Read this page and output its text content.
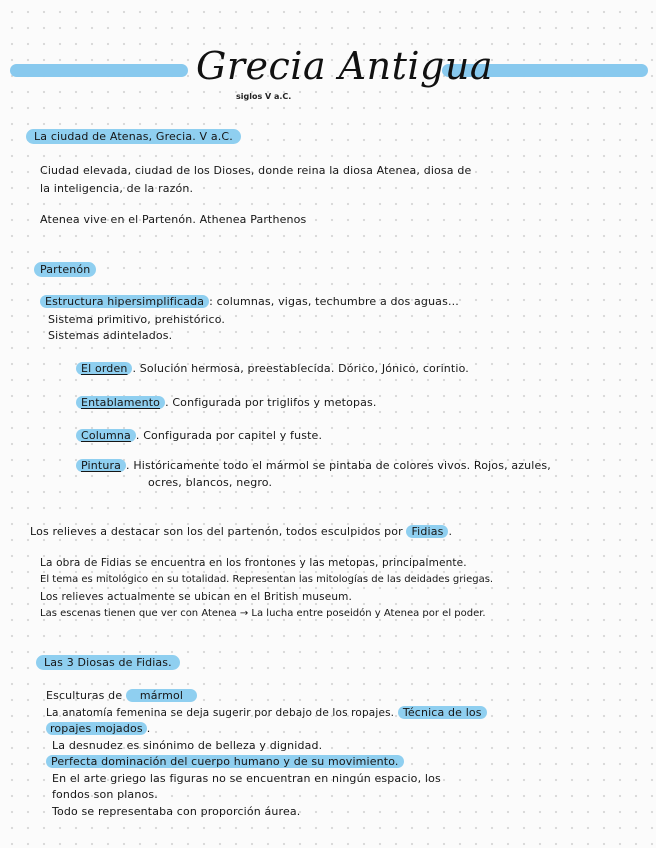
Grecia Antigua
siglos V a.C.
La ciudad de Atenas, Grecia. V a.C.
Ciudad elevada, ciudad de los Dioses, donde reina la diosa Atenea, diosa de
la inteligencia, de la razón.
Atenea vive en el Partenón. Athenea Parthenos
Partenón
Estructura hipersimplificada : columnas, vigas, techumbre a dos aguas...
Sistema primitivo, prehistórico.
Sistemas adintelados.
El orden . Solución hermosa, preestablecida. Dórico, Jónico, corintio.
Entablamento . Configurada por triglifos y metopas.
Columna . Configurada por capitel y fuste.
Pintura . Históricamente todo el mármol se pintaba de colores vivos. Rojos, azules,
ocres, blancos, negro.
Los relieves a destacar son los del partenón, todos esculpidos por Fidias .
La obra de Fidias se encuentra en los frontones y las metopas, principalmente.
El tema es mitológico en su totalidad. Representan las mitologías de las deidades griegas.
Los relieves actualmente se ubican en el British museum.
Las escenas tienen que ver con Atenea → La lucha entre poseidón y Atenea por el poder.
Las 3 Diosas de Fidias.
Esculturas de mármol
La anatomía femenina se deja sugerir por debajo de los ropajes. Técnica de los
ropajes mojados .
La desnudez es sinónimo de belleza y dignidad.
Perfecta dominación del cuerpo humano y de su movimiento.
En el arte griego las figuras no se encuentran en ningún espacio, los
fondos son planos.
Todo se representaba con proporción áurea.
